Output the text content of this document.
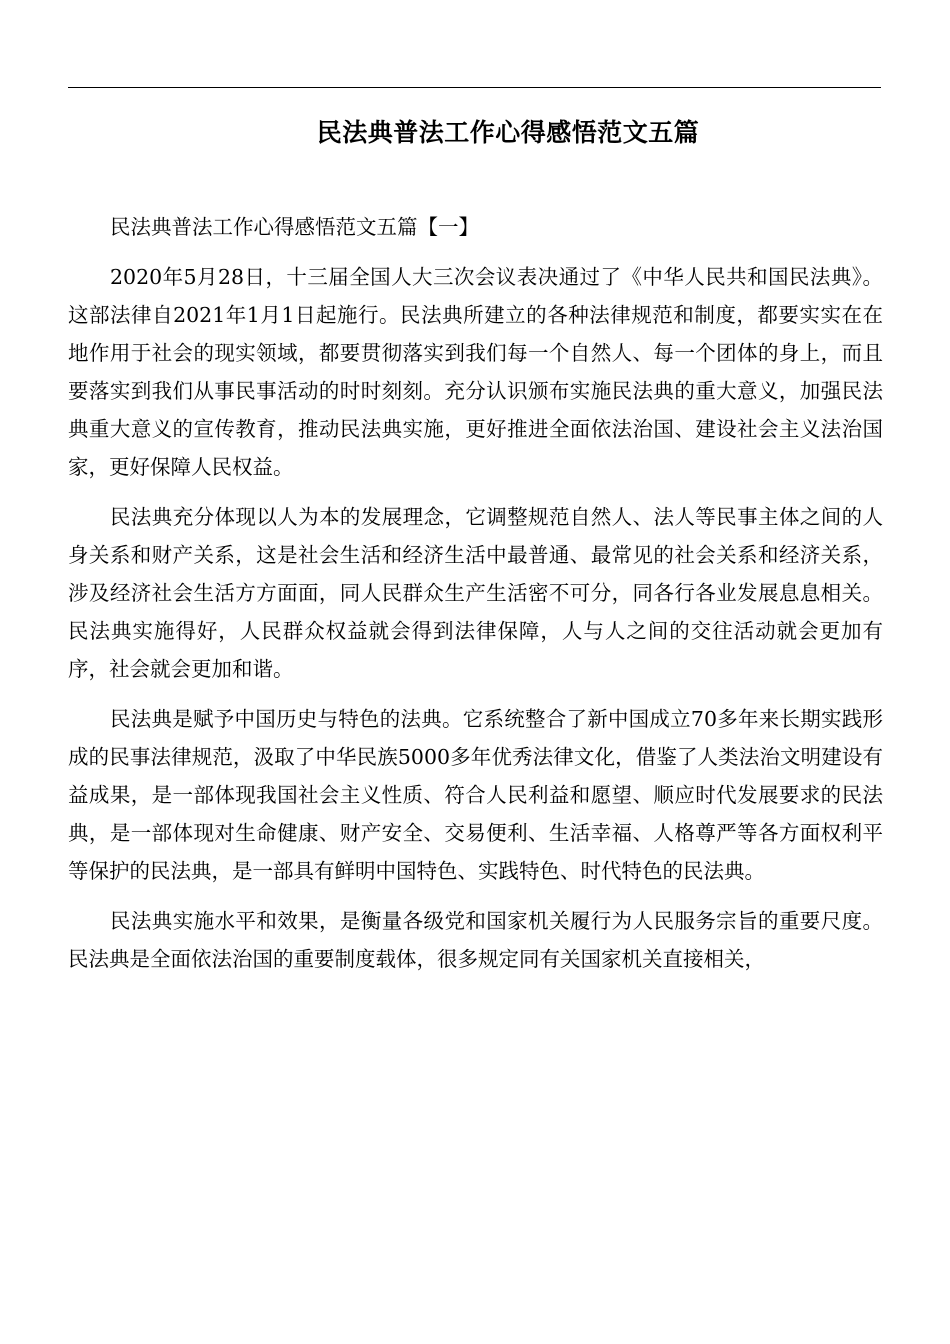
民法典普法工作心得感悟范文五篇

民法典普法工作心得感悟范文五篇【一】

2020年5月28日，十三届全国人大三次会议表决通过了《中华人民共和国民法典》。这部法律自2021年1月1日起施行。民法典所建立的各种法律规范和制度，都要实实在在地作用于社会的现实领域，都要贯彻落实到我们每一个自然人、每一个团体的身上，而且要落实到我们从事民事活动的时时刻刻。充分认识颁布实施民法典的重大意义，加强民法典重大意义的宣传教育，推动民法典实施，更好推进全面依法治国、建设社会主义法治国家，更好保障人民权益。

民法典充分体现以人为本的发展理念，它调整规范自然人、法人等民事主体之间的人身关系和财产关系，这是社会生活和经济生活中最普通、最常见的社会关系和经济关系，涉及经济社会生活方方面面，同人民群众生产生活密不可分，同各行各业发展息息相关。民法典实施得好，人民群众权益就会得到法律保障，人与人之间的交往活动就会更加有序，社会就会更加和谐。

民法典是赋予中国历史与特色的法典。它系统整合了新中国成立70多年来长期实践形成的民事法律规范，汲取了中华民族5000多年优秀法律文化，借鉴了人类法治文明建设有益成果，是一部体现我国社会主义性质、符合人民利益和愿望、顺应时代发展要求的民法典，是一部体现对生命健康、财产安全、交易便利、生活幸福、人格尊严等各方面权利平等保护的民法典，是一部具有鲜明中国特色、实践特色、时代特色的民法典。

民法典实施水平和效果，是衡量各级党和国家机关履行为人民服务宗旨的重要尺度。民法典是全面依法治国的重要制度载体，很多规定同有关国家机关直接相关，
